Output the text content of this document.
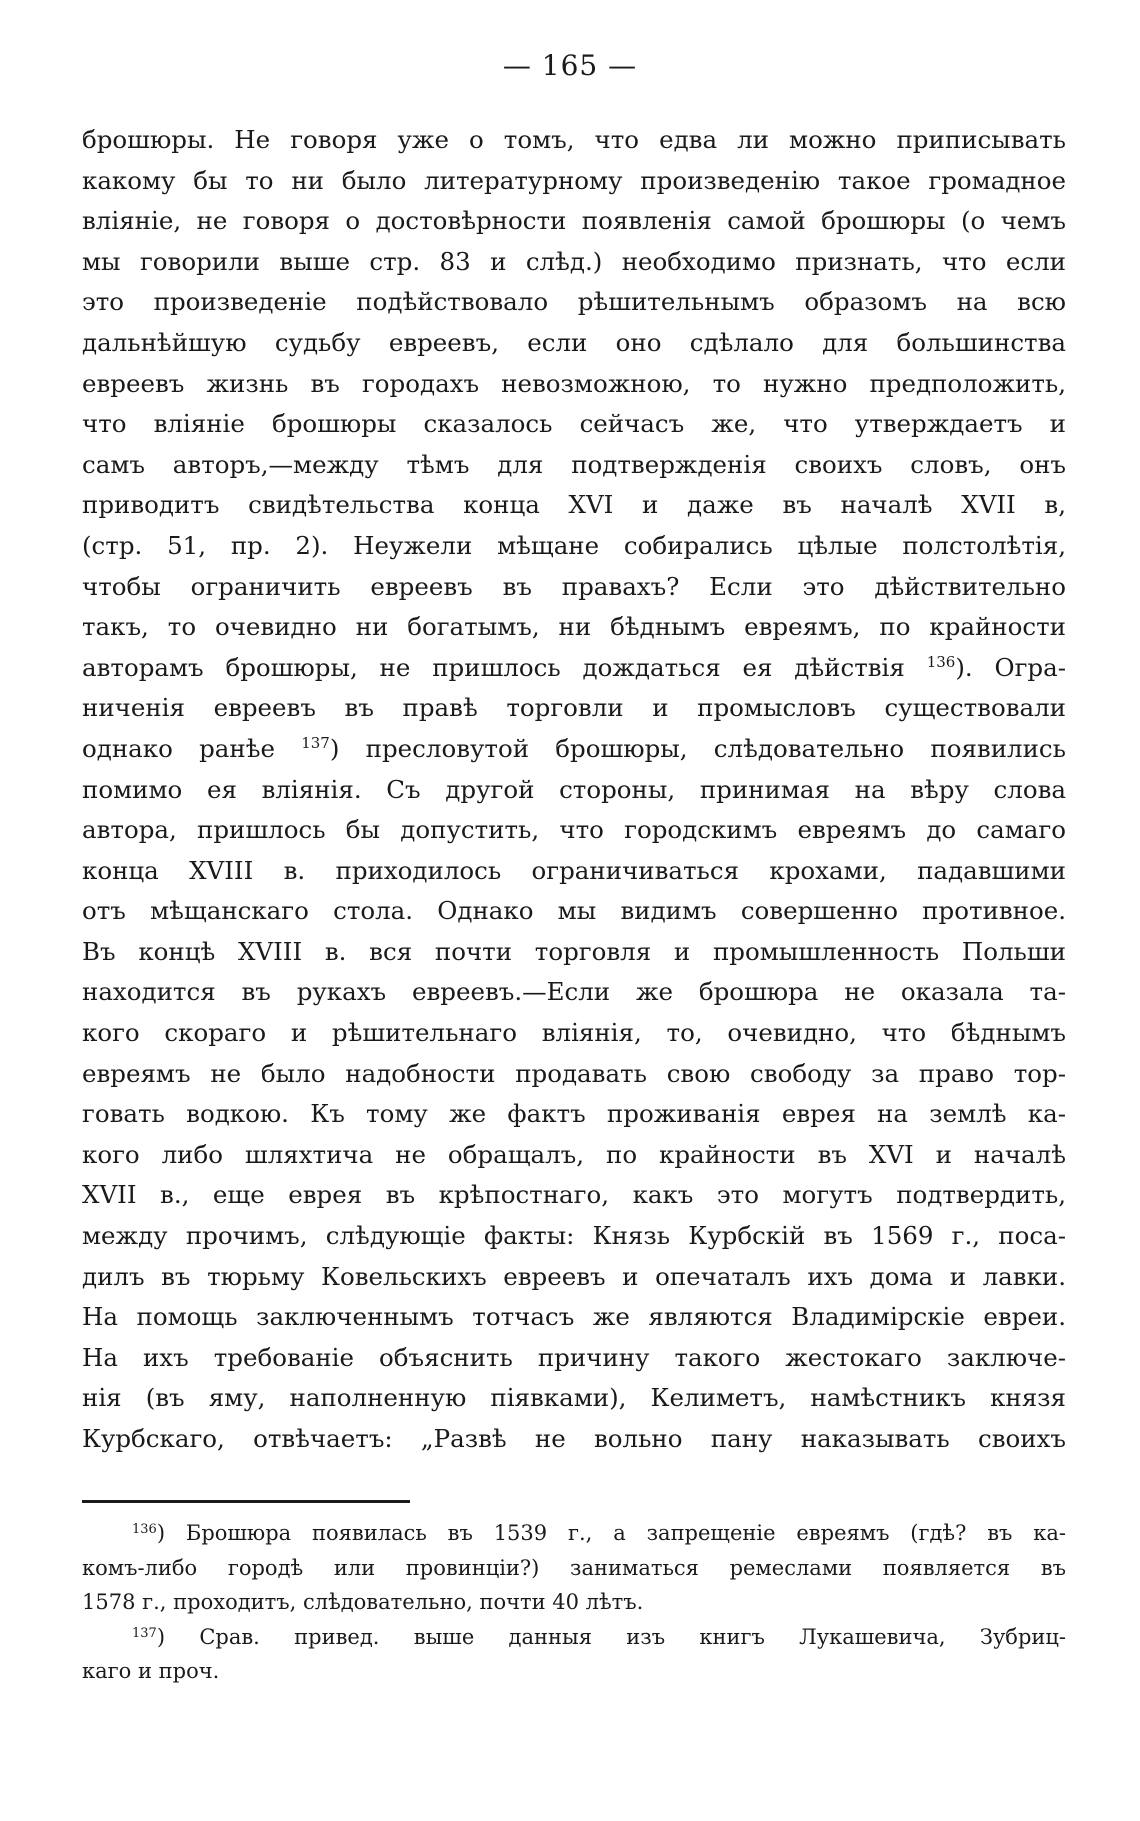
— 165 —
брошюры. Не говоря уже о томъ, что едва ли можно приписывать
какому бы то ни было литературному произведенію такое громадное
вліяніе, не говоря о достовѣрности появленія самой брошюры (о чемъ
мы говорили выше стр. 83 и слѣд.) необходимо признать, что если
это произведеніе подѣйствовало рѣшительнымъ образомъ на всю
дальнѣйшую судьбу евреевъ, если оно сдѣлало для большинства
евреевъ жизнь въ городахъ невозможною, то нужно предположить,
что вліяніе брошюры сказалось сейчасъ же, что утверждаетъ и
самъ авторъ,—между тѣмъ для подтвержденія своихъ словъ, онъ
приводитъ свидѣтельства конца XVI и даже въ началѣ XVII в,
(стр. 51, пр. 2). Неужели мѣщане собирались цѣлые полстолѣтія,
чтобы ограничить евреевъ въ правахъ? Если это дѣйствительно
такъ, то очевидно ни богатымъ, ни бѣднымъ евреямъ, по крайности
авторамъ брошюры, не пришлось дождаться ея дѣйствія $^{136}$). Огра-
ниченія евреевъ въ правѣ торговли и промысловъ существовали
однако ранѣе $^{137}$) пресловутой брошюры, слѣдовательно появились
помимо ея вліянія. Съ другой стороны, принимая на вѣру слова
автора, пришлось бы допустить, что городскимъ евреямъ до самаго
конца XVIII в. приходилось ограничиваться крохами, падавшими
отъ мѣщанскаго стола. Однако мы видимъ совершенно противное.
Въ концѣ XVIII в. вся почти торговля и промышленность Польши
находится въ рукахъ евреевъ.—Если же брошюра не оказала та-
кого скораго и рѣшительнаго вліянія, то, очевидно, что бѣднымъ
евреямъ не было надобности продавать свою свободу за право тор-
говать водкою. Къ тому же фактъ проживанія еврея на землѣ ка-
кого либо шляхтича не обращалъ, по крайности въ XVI и началѣ
XVII в., еще еврея въ крѣпостнаго, какъ это могутъ подтвердить,
между прочимъ, слѣдующіе факты: Князь Курбскій въ 1569 г., поса-
дилъ въ тюрьму Ковельскихъ евреевъ и опечаталъ ихъ дома и лавки.
На помощь заключеннымъ тотчасъ же являются Владимірскіе евреи.
На ихъ требованіе объяснить причину такого жестокаго заключе-
нія (въ яму, наполненную піявками), Келиметъ, намѣстникъ князя
Курбскаго, отвѣчаетъ: „Развѣ не вольно пану наказывать своихъ
$^{136}$) Брошюра появилась въ 1539 г., а запрещеніе евреямъ (гдѣ? въ ка-
комъ-либо городѣ или провинціи?) заниматься ремеслами появляется въ
1578 г., проходитъ, слѣдовательно, почти 40 лѣтъ.
$^{137}$) Срав. привед. выше данныя изъ книгъ Лукашевича, Зубриц-
каго и проч.
